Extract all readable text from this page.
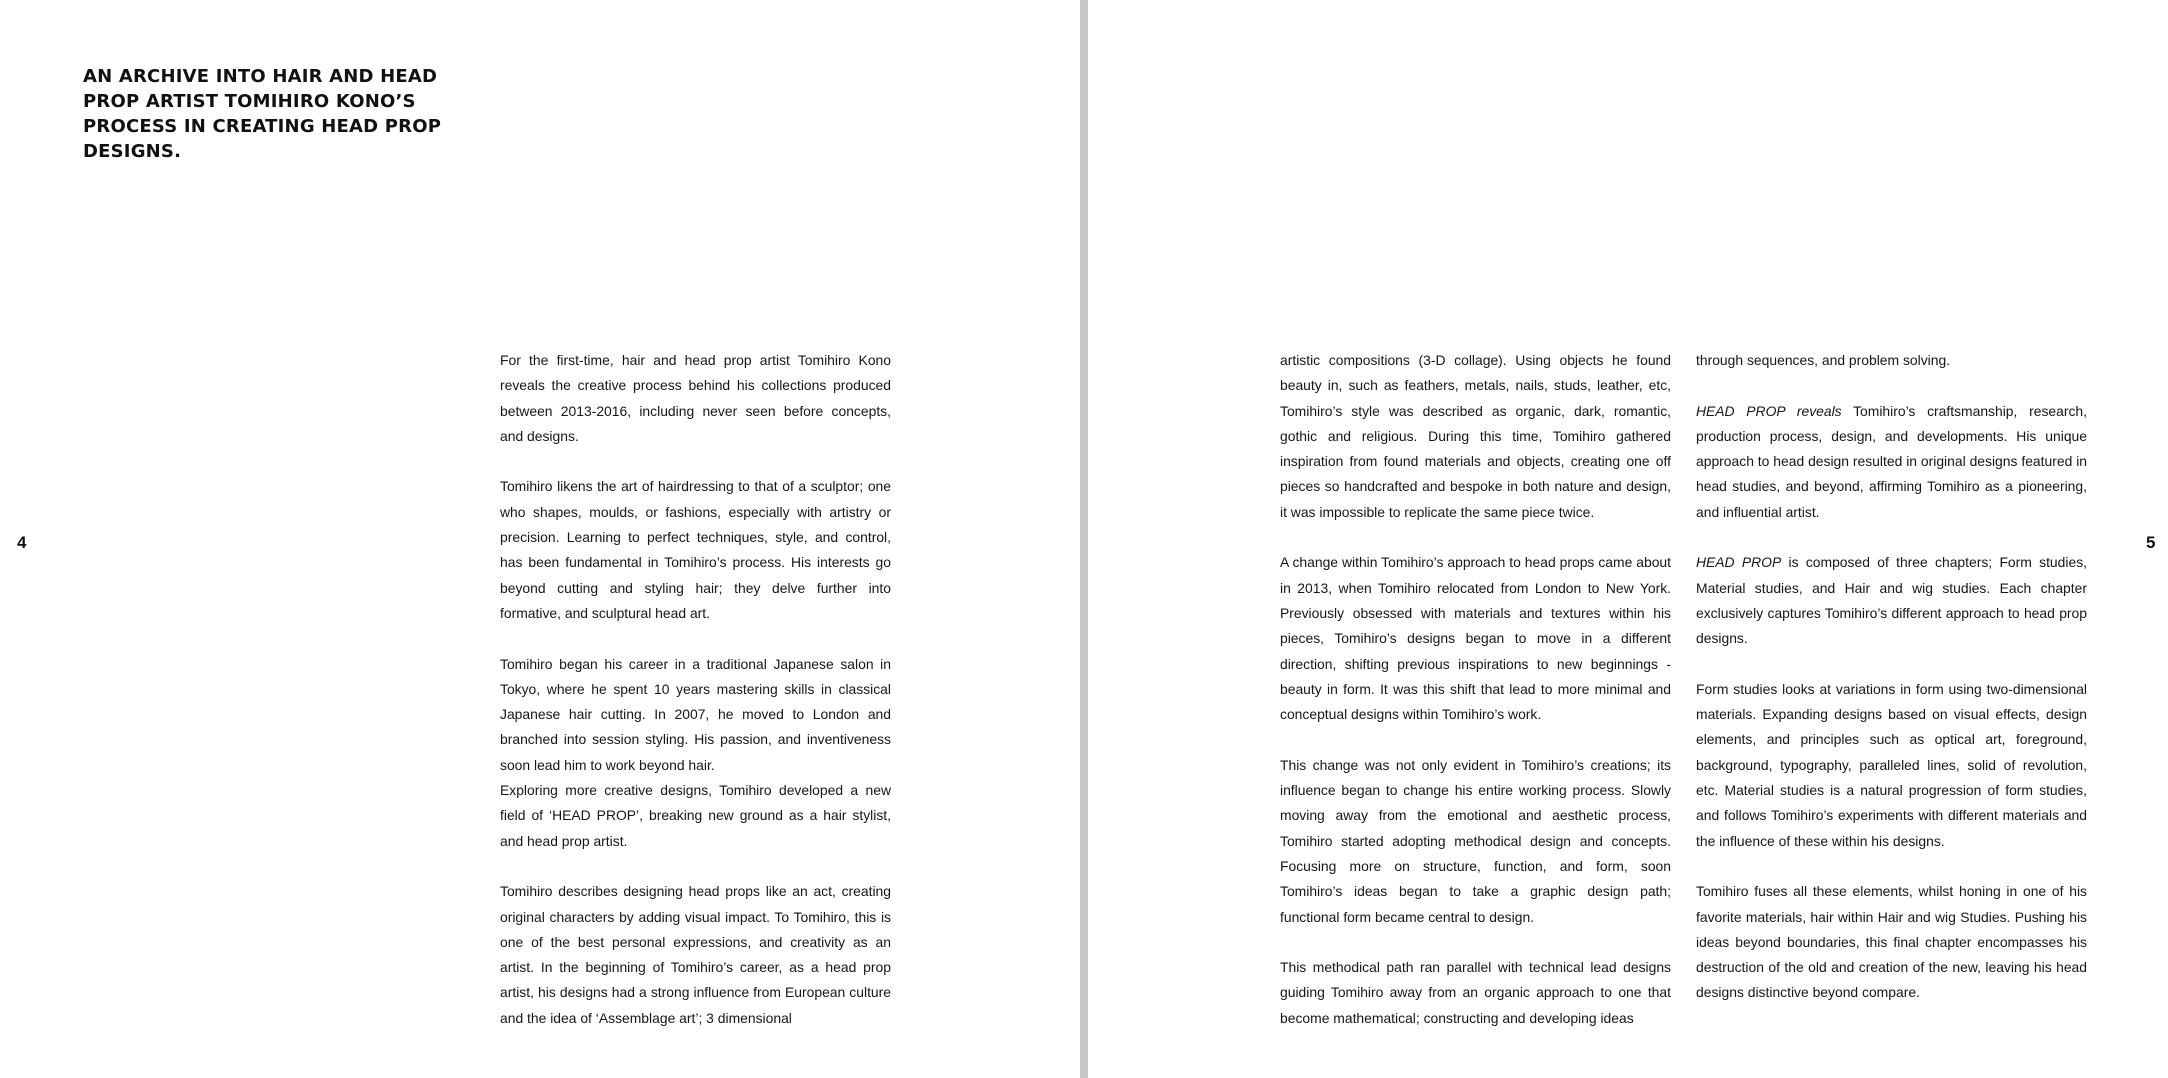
AN ARCHIVE INTO HAIR AND HEAD PROP ARTIST TOMIHIRO KONO’S PROCESS IN CREATING HEAD PROP DESIGNS.
4

For the first-time, hair and head prop artist Tomihiro Kono reveals the creative process behind his collections produced between 2013-2016, including never seen before concepts, and designs.

Tomihiro likens the art of hairdressing to that of a sculptor; one who shapes, moulds, or fashions, especially with artistry or precision. Learning to perfect techniques, style, and control, has been fundamental in Tomihiro’s process. His interests go beyond cutting and styling hair; they delve further into formative, and sculptural head art.

Tomihiro began his career in a traditional Japanese salon in Tokyo, where he spent 10 years mastering skills in classical Japanese hair cutting. In 2007, he moved to London and branched into session styling. His passion, and inventiveness soon lead him to work beyond hair.

Exploring more creative designs, Tomihiro developed a new field of ‘HEAD PROP’, breaking new ground as a hair stylist, and head prop artist.

Tomihiro describes designing head props like an act, creating original characters by adding visual impact. To Tomihiro, this is one of the best personal expressions, and creativity as an artist. In the beginning of Tomihiro’s career, as a head prop artist, his designs had a strong influence from European culture and the idea of ‘Assemblage art’; 3 dimensional

artistic compositions (3-D collage). Using objects he found beauty in, such as feathers, metals, nails, studs, leather, etc, Tomihiro’s style was described as organic, dark, romantic, gothic and religious. During this time, Tomihiro gathered inspiration from found materials and objects, creating one off pieces so handcrafted and bespoke in both nature and design, it was impossible to replicate the same piece twice.

A change within Tomihiro’s approach to head props came about in 2013, when Tomihiro relocated from London to New York. Previously obsessed with materials and textures within his pieces, Tomihiro’s designs began to move in a different direction, shifting previous inspirations to new beginnings -beauty in form. It was this shift that lead to more minimal and conceptual designs within Tomihiro’s work.

This change was not only evident in Tomihiro’s creations; its influence began to change his entire working process. Slowly moving away from the emotional and aesthetic process, Tomihiro started adopting methodical design and concepts. Focusing more on structure, function, and form, soon Tomihiro’s ideas began to take a graphic design path; functional form became central to design.

This methodical path ran parallel with technical lead designs guiding Tomihiro away from an organic approach to one that become mathematical; constructing and developing ideas

through sequences, and problem solving.

HEAD PROP reveals Tomihiro’s craftsmanship, research, production process, design, and developments. His unique approach to head design resulted in original designs featured in head studies, and beyond, affirming Tomihiro as a pioneering, and influential artist.

HEAD PROP is composed of three chapters; Form studies, Material studies, and Hair and wig studies. Each chapter exclusively captures Tomihiro’s different approach to head prop designs.

Form studies looks at variations in form using two-dimensional materials. Expanding designs based on visual effects, design elements, and principles such as optical art, foreground, background, typography, paralleled lines, solid of revolution, etc. Material studies is a natural progression of form studies, and follows Tomihiro’s experiments with different materials and the influence of these within his designs.

Tomihiro fuses all these elements, whilst honing in one of his favorite materials, hair within Hair and wig Studies. Pushing his ideas beyond boundaries, this final chapter encompasses his destruction of the old and creation of the new, leaving his head designs distinctive beyond compare.

5
